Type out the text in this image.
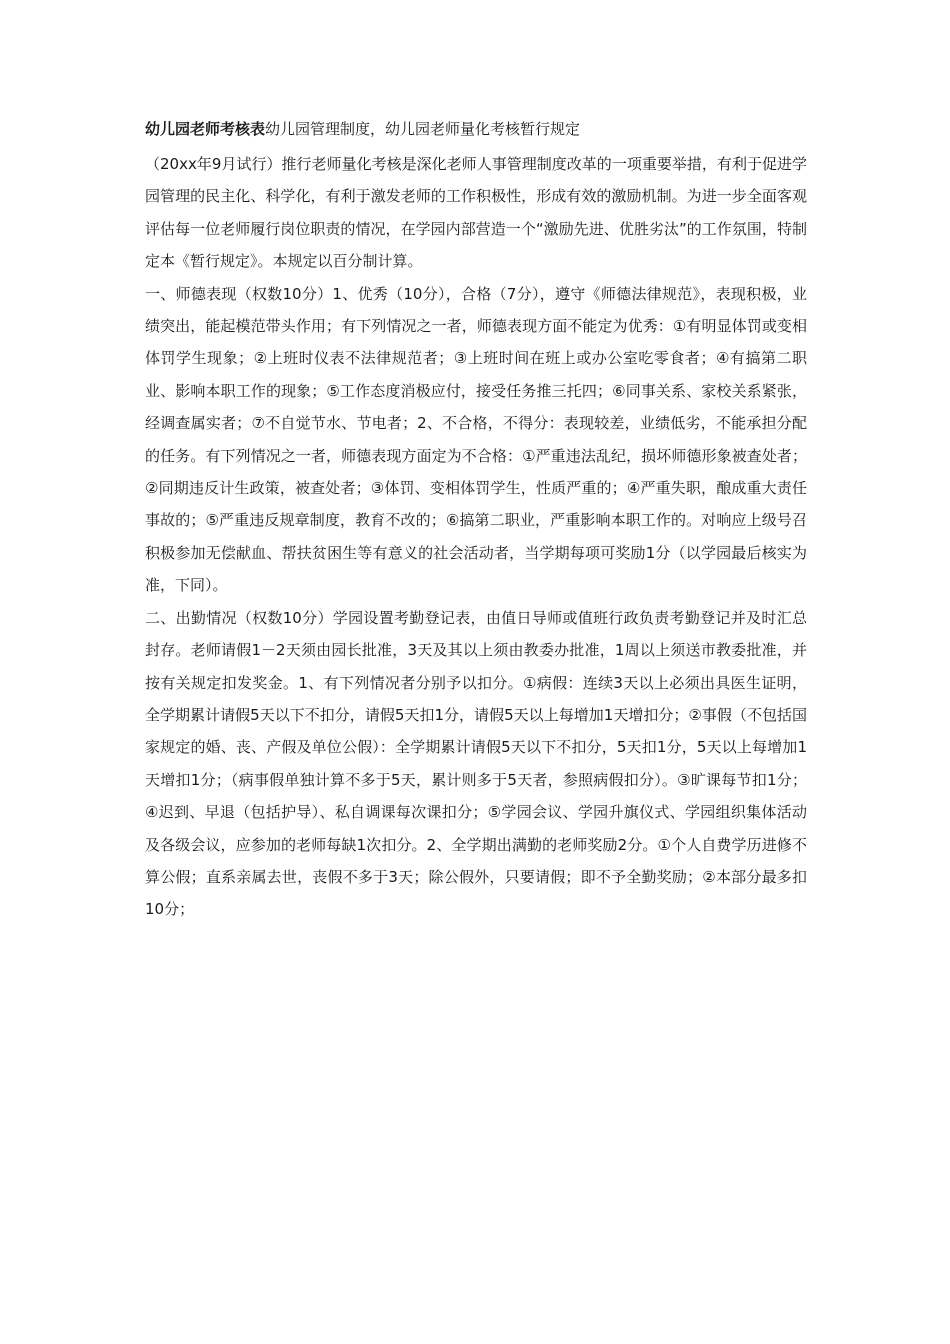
幼儿园老师考核表幼儿园管理制度，幼儿园老师量化考核暂行规定

（20xx年9月试行）推行老师量化考核是深化老师人事管理制度改革的一项重要举措，有利于促进学园管理的民主化、科学化，有利于激发老师的工作积极性，形成有效的激励机制。为进一步全面客观评估每一位老师履行岗位职责的情况，在学园内部营造一个“激励先进、优胜劣汰”的工作氛围，特制定本《暂行规定》。本规定以百分制计算。

一、师德表现（权数10分）1、优秀（10分），合格（7分），遵守《师德法律规范》，表现积极，业绩突出，能起模范带头作用；有下列情况之一者，师德表现方面不能定为优秀：①有明显体罚或变相体罚学生现象；②上班时仪表不法律规范者；③上班时间在班上或办公室吃零食者；④有搞第二职业、影响本职工作的现象；⑤工作态度消极应付，接受任务推三托四；⑥同事关系、家校关系紧张，经调查属实者；⑦不自觉节水、节电者；2、不合格，不得分：表现较差，业绩低劣，不能承担分配的任务。有下列情况之一者，师德表现方面定为不合格：①严重违法乱纪，损坏师德形象被查处者；②同期违反计生政策，被查处者；③体罚、变相体罚学生，性质严重的；④严重失职，酿成重大责任事故的；⑤严重违反规章制度，教育不改的；⑥搞第二职业，严重影响本职工作的。对响应上级号召积极参加无偿献血、帮扶贫困生等有意义的社会活动者，当学期每项可奖励1分（以学园最后核实为准，下同）。

二、出勤情况（权数10分）学园设置考勤登记表，由值日导师或值班行政负责考勤登记并及时汇总封存。老师请假1－2天须由园长批准，3天及其以上须由教委办批准，1周以上须送市教委批准，并按有关规定扣发奖金。1、有下列情况者分别予以扣分。①病假：连续3天以上必须出具医生证明，全学期累计请假5天以下不扣分，请假5天扣1分，请假5天以上每增加1天增扣分；②事假（不包括国家规定的婚、丧、产假及单位公假）：全学期累计请假5天以下不扣分，5天扣1分，5天以上每增加1天增扣1分；（病事假单独计算不多于5天，累计则多于5天者，参照病假扣分）。③旷课每节扣1分；④迟到、早退（包括护导）、私自调课每次课扣分；⑤学园会议、学园升旗仪式、学园组织集体活动及各级会议，应参加的老师每缺1次扣分。2、全学期出满勤的老师奖励2分。①个人自费学历进修不算公假；直系亲属去世，丧假不多于3天；除公假外，只要请假；即不予全勤奖励；②本部分最多扣10分；
